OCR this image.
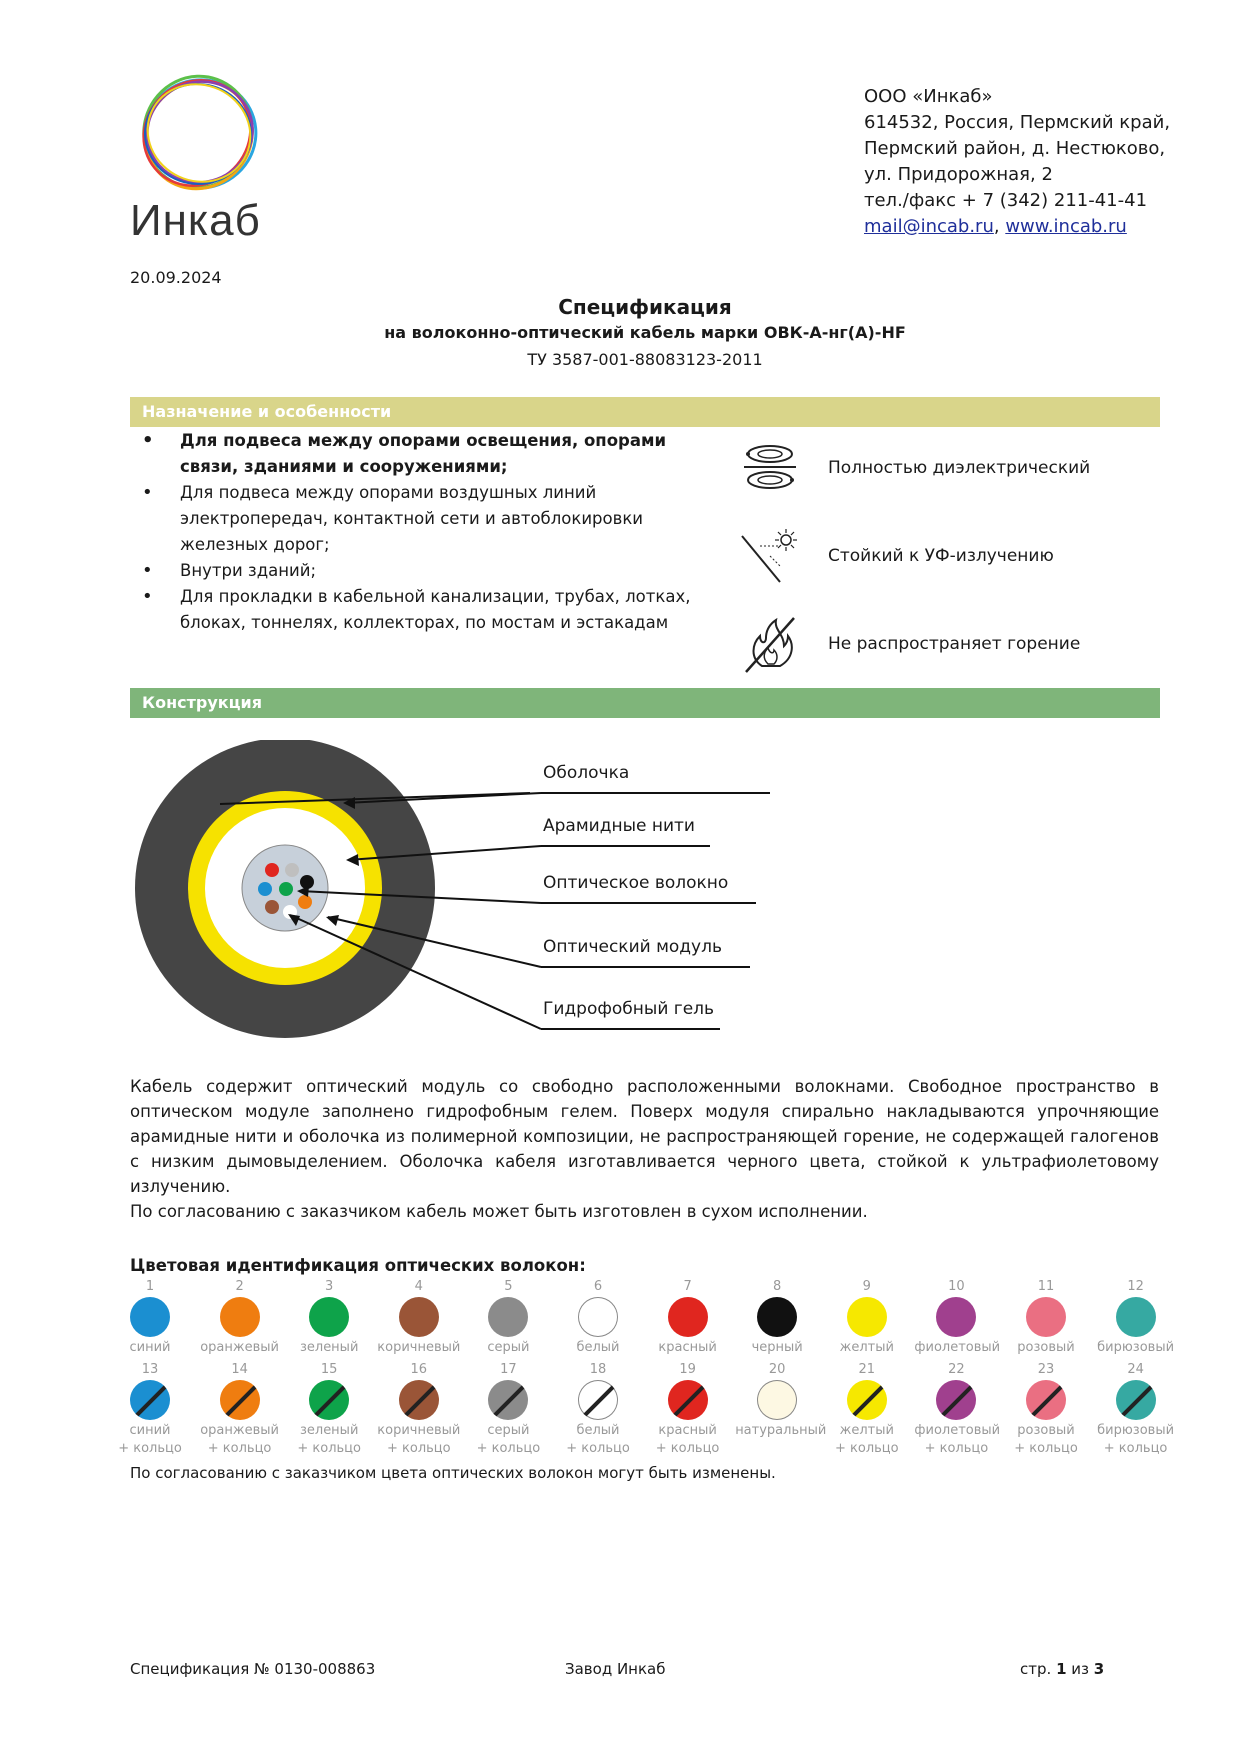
Инкаб
ООО «Инкаб»
614532, Россия, Пермский край,
Пермский район, д. Нестюково,
ул. Придорожная, 2
тел./факс + 7 (342) 211-41-41
mail@incab.ru, www.incab.ru
20.09.2024
Спецификация
на волоконно-оптический кабель марки ОВК-А-нг(А)-HF
ТУ 3587-001-88083123-2011
Назначение и особенности
• Для подвеса между опорами освещения, опорами связи, зданиями и сооружениями;
• Для подвеса между опорами воздушных линий электропередач, контактной сети и автоблокировки железных дорог;
• Внутри зданий;
• Для прокладки в кабельной канализации, трубах, лотках, блоках, тоннелях, коллекторах, по мостам и эстакадам
Полностью диэлектрический
Стойкий к УФ-излучению
Не распространяет горение
Конструкция
Оболочка
Арамидные нити
Оптическое волокно
Оптический модуль
Гидрофобный гель

Кабель содержит оптический модуль со свободно расположенными волокнами. Свободное пространство в оптическом модуле заполнено гидрофобным гелем. Поверх модуля спирально накладываются упрочняющие арамидные нити и оболочка из полимерной композиции, не распространяющей горение, не содержащей галогенов с низким дымовыделением. Оболочка кабеля изготавливается черного цвета, стойкой к ультрафиолетовому излучению.

По согласованию с заказчиком кабель может быть изготовлен в сухом исполнении.

Цветовая идентификация оптических волокон:
1
синий
2
оранжевый
3
зеленый
4
коричневый
5
серый
6
белый
7
красный
8
черный
9
желтый
10
фиолетовый
11
розовый
12
бирюзовый
13
синий
+ кольцо
14
оранжевый
+ кольцо
15
зеленый
+ кольцо
16
коричневый
+ кольцо
17
серый
+ кольцо
18
белый
+ кольцо
19
красный
+ кольцо
20
натуральный
21
желтый
+ кольцо
22
фиолетовый
+ кольцо
23
розовый
+ кольцо
24
бирюзовый
+ кольцо
По согласованию с заказчиком цвета оптических волокон могут быть изменены.
Спецификация № 0130-008863	Завод Инкаб	стр. 1 из 3
